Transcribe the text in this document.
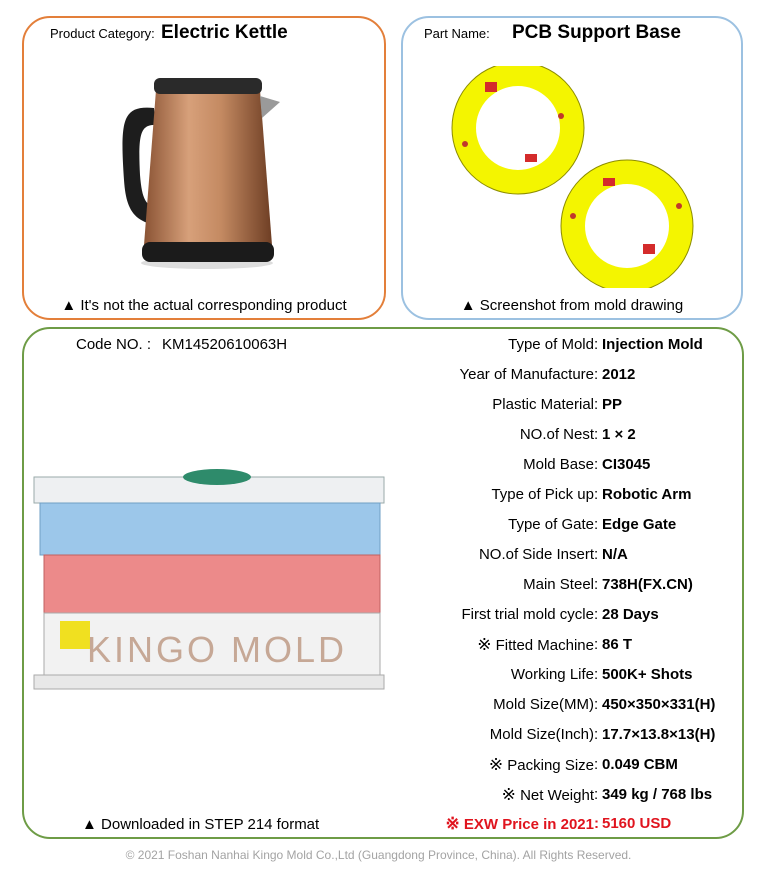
Product Category: Electric Kettle
▲ It's not the actual corresponding product
Part Name: PCB Support Base
▲ Screenshot from mold drawing
Code NO. : KM14520610063H
KINGO MOLD
▲ Downloaded in STEP 214 format
Type of Mold : Injection Mold
Year of Manufacture : 2012
Plastic Material : PP
NO.of Nest : 1 × 2
Mold Base : CI3045
Type of Pick up : Robotic Arm
Type of Gate : Edge Gate
NO.of Side Insert : N/A
Main Steel : 738H(FX.CN)
First trial mold cycle : 28 Days
※ Fitted Machine : 86 T
Working Life : 500K+ Shots
Mold Size(MM) : 450×350×331(H)
Mold Size(Inch) : 17.7×13.8×13(H)
※ Packing Size : 0.049 CBM
※ Net Weight : 349 kg / 768 lbs
※ EXW Price in 2021 : 5160 USD
© 2021 Foshan Nanhai Kingo Mold Co.,Ltd (Guangdong Province, China). All Rights Reserved.
